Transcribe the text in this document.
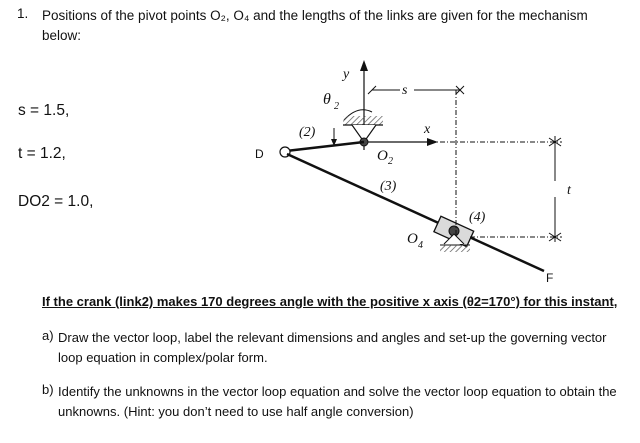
1. Positions of the pivot points O₂, O₄ and the lengths of the links are given for the mechanism below:
s = 1.5,
t = 1.2,
DO2 = 1.0,
y
x
θ 2
(2)
O 2
D
(3)
(4)
O 4
s
t
F
If the crank (link2) makes 170 degrees angle with the positive x axis (θ2=170°) for this instant,
a) Draw the vector loop, label the relevant dimensions and angles and set-up the governing vector loop equation in complex/polar form.
b) Identify the unknowns in the vector loop equation and solve the vector loop equation to obtain the unknowns. (Hint: you don’t need to use half angle conversion)
